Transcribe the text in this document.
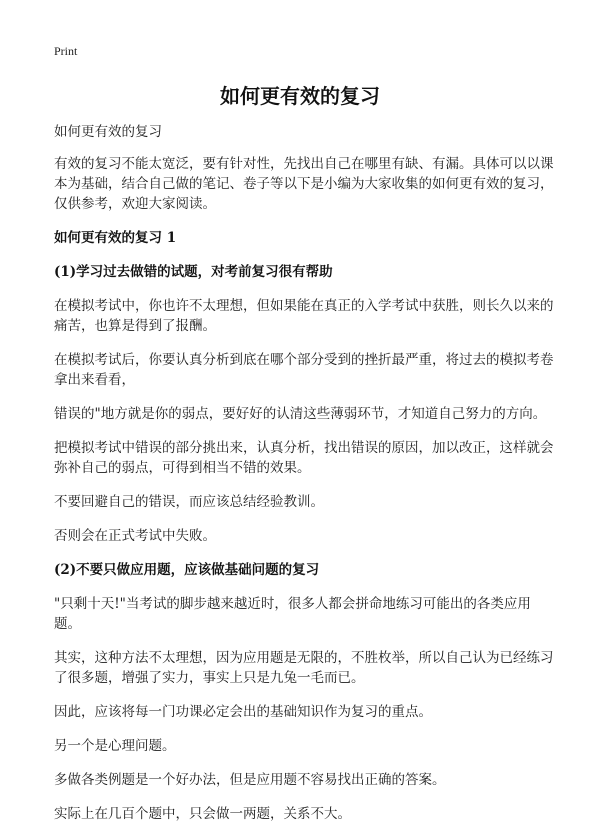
Print
如何更有效的复习

如何更有效的复习

有效的复习不能太宽泛，要有针对性，先找出自己在哪里有缺、有漏。具体可以以课本为基础，结合自己做的笔记、卷子等以下是小编为大家收集的如何更有效的复习，仅供参考，欢迎大家阅读。

如何更有效的复习 1

(1)学习过去做错的试题，对考前复习很有帮助

在模拟考试中，你也许不太理想，但如果能在真正的入学考试中获胜，则长久以来的痛苦，也算是得到了报酬。

在模拟考试后，你要认真分析到底在哪个部分受到的挫折最严重，将过去的模拟考卷拿出来看看，

错误的"地方就是你的弱点，要好好的认清这些薄弱环节，才知道自己努力的方向。

把模拟考试中错误的部分挑出来，认真分析，找出错误的原因，加以改正，这样就会弥补自己的弱点，可得到相当不错的效果。

不要回避自己的错误，而应该总结经验教训。

否则会在正式考试中失败。

(2)不要只做应用题，应该做基础问题的复习

"只剩十天!"当考试的脚步越来越近时，很多人都会拼命地练习可能出的各类应用题。

其实，这种方法不太理想，因为应用题是无限的，不胜枚举，所以自己认为已经练习了很多题，增强了实力，事实上只是九兔一毛而已。

因此，应该将每一门功课必定会出的基础知识作为复习的重点。

另一个是心理问题。

多做各类例题是一个好办法，但是应用题不容易找出正确的答案。

实际上在几百个题中，只会做一两题，关系不大。
